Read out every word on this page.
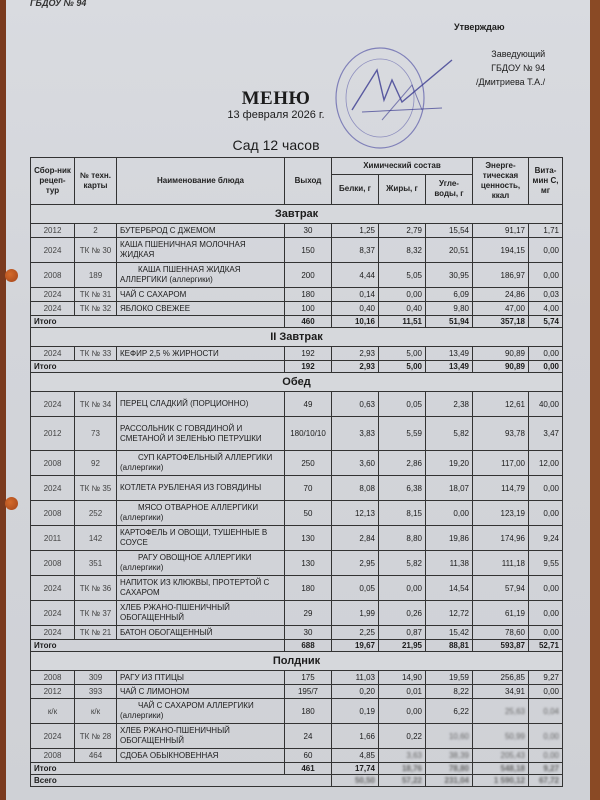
ГБДОУ № 94
Утверждаю
Заведующий
ГБДОУ № 94
/Дмитриева Т.А./
МЕНЮ
13 февраля 2026 г.
Сад 12 часов
Сбор-ник рецеп-тур	№ техн. карты	Наименование блюда	Выход	Химический состав			Энерге-тическая ценность, ккал	Вита-мин С, мг
				Белки, г	Жиры, г	Угле-воды, г		
Завтрак								
2012	2	БУТЕРБРОД С ДЖЕМОМ	30	1,25	2,79	15,54	91,17	1,71
2024	ТК № 30	КАША ПШЕНИЧНАЯ МОЛОЧНАЯ ЖИДКАЯ	150	8,37	8,32	20,51	194,15	0,00
2008	189	КАША ПШЕННАЯ ЖИДКАЯ АЛЛЕРГИКИ (аллергики)	200	4,44	5,05	30,95	186,97	0,00
2024	ТК № 31	ЧАЙ С САХАРОМ	180	0,14	0,00	6,09	24,86	0,03
2024	ТК № 32	ЯБЛОКО СВЕЖЕЕ	100	0,40	0,40	9,80	47,00	4,00
Итого			460	10,16	11,51	51,94	357,18	5,74
II Завтрак								
2024	ТК № 33	КЕФИР 2,5 % ЖИРНОСТИ	192	2,93	5,00	13,49	90,89	0,00
Итого			192	2,93	5,00	13,49	90,89	0,00
Обед								
2024	ТК № 34	ПЕРЕЦ СЛАДКИЙ (ПОРЦИОННО)	49	0,63	0,05	2,38	12,61	40,00
2012	73	РАССОЛЬНИК С ГОВЯДИНОЙ И СМЕТАНОЙ И ЗЕЛЕНЬЮ ПЕТРУШКИ	180/10/10	3,83	5,59	5,82	93,78	3,47
2008	92	СУП КАРТОФЕЛЬНЫЙ АЛЛЕРГИКИ (аллергики)	250	3,60	2,86	19,20	117,00	12,00
2024	ТК № 35	КОТЛЕТА РУБЛЕНАЯ ИЗ ГОВЯДИНЫ	70	8,08	6,38	18,07	114,79	0,00
2008	252	МЯСО ОТВАРНОЕ АЛЛЕРГИКИ (аллергики)	50	12,13	8,15	0,00	123,19	0,00
2011	142	КАРТОФЕЛЬ И ОВОЩИ, ТУШЕННЫЕ В СОУСЕ	130	2,84	8,80	19,86	174,96	9,24
2008	351	РАГУ ОВОЩНОЕ АЛЛЕРГИКИ (аллергики)	130	2,95	5,82	11,38	111,18	9,55
2024	ТК № 36	НАПИТОК ИЗ КЛЮКВЫ, ПРОТЕРТОЙ С САХАРОМ	180	0,05	0,00	14,54	57,94	0,00
2024	ТК № 37	ХЛЕБ РЖАНО-ПШЕНИЧНЫЙ ОБОГАЩЕННЫЙ	29	1,99	0,26	12,72	61,19	0,00
2024	ТК № 21	БАТОН ОБОГАЩЕННЫЙ	30	2,25	0,87	15,42	78,60	0,00
Итого			688	19,67	21,95	88,81	593,87	52,71
Полдник								
2008	309	РАГУ ИЗ ПТИЦЫ	175	11,03	14,90	19,59	256,85	9,27
2012	393	ЧАЙ С ЛИМОНОМ	195/7	0,20	0,01	8,22	34,91	0,00
к/к	к/к	ЧАЙ С САХАРОМ АЛЛЕРГИКИ (аллергики)	180	0,19	0,00	6,22	25,63	0,04
2024	ТК № 28	ХЛЕБ РЖАНО-ПШЕНИЧНЫЙ ОБОГАЩЕННЫЙ	24	1,66	0,22	10,60	50,99	0,00
2008	464	СДОБА ОБЫКНОВЕННАЯ	60	4,85	3,63	38,39	205,43	0,00
Итого			461	17,74	18,76	78,80	548,18	9,27
Всего				50,50	57,22	231,04	1 590,12	67,72
